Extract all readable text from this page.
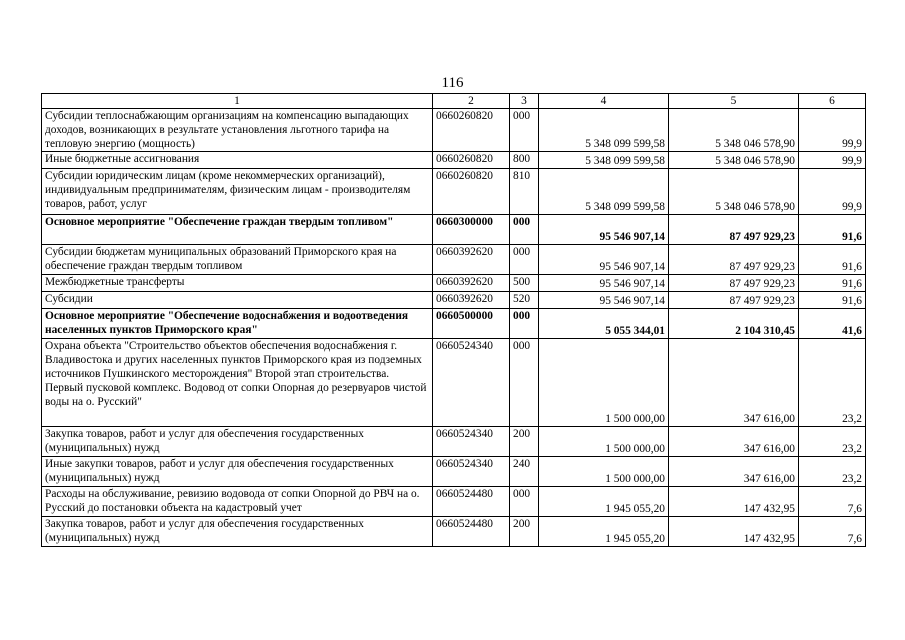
116
1	2	3	4	5	6
Субсидии теплоснабжающим организациям на компенсацию выпадающих доходов, возникающих в результате установления льготного тарифа на тепловую энергию (мощность)	0660260820	000	5 348 099 599,58	5 348 046 578,90	99,9
Иные бюджетные ассигнования	0660260820	800	5 348 099 599,58	5 348 046 578,90	99,9
Субсидии юридическим лицам (кроме некоммерческих организаций), индивидуальным предпринимателям, физическим лицам - производителям товаров, работ, услуг	0660260820	810	5 348 099 599,58	5 348 046 578,90	99,9
Основное мероприятие "Обеспечение граждан твердым топливом"	0660300000	000	95 546 907,14	87 497 929,23	91,6
Субсидии бюджетам муниципальных образований Приморского края на обеспечение граждан твердым топливом	0660392620	000	95 546 907,14	87 497 929,23	91,6
Межбюджетные трансферты	0660392620	500	95 546 907,14	87 497 929,23	91,6
Субсидии	0660392620	520	95 546 907,14	87 497 929,23	91,6
Основное мероприятие "Обеспечение водоснабжения и водоотведения населенных пунктов Приморского края"	0660500000	000	5 055 344,01	2 104 310,45	41,6
Охрана объекта "Строительство объектов обеспечения водоснабжения г. Владивостока и других населенных пунктов Приморского края из подземных источников Пушкинского месторождения" Второй этап строительства. Первый пусковой комплекс. Водовод от сопки Опорная до резервуаров чистой воды на о. Русский"	0660524340	000	1 500 000,00	347 616,00	23,2
Закупка товаров, работ и услуг для обеспечения государственных (муниципальных) нужд	0660524340	200	1 500 000,00	347 616,00	23,2
Иные закупки товаров, работ и услуг для обеспечения государственных (муниципальных) нужд	0660524340	240	1 500 000,00	347 616,00	23,2
Расходы на обслуживание, ревизию водовода от сопки Опорной до РВЧ на о. Русский до постановки объекта на кадастровый учет	0660524480	000	1 945 055,20	147 432,95	7,6
Закупка товаров, работ и услуг для обеспечения государственных (муниципальных) нужд	0660524480	200	1 945 055,20	147 432,95	7,6
